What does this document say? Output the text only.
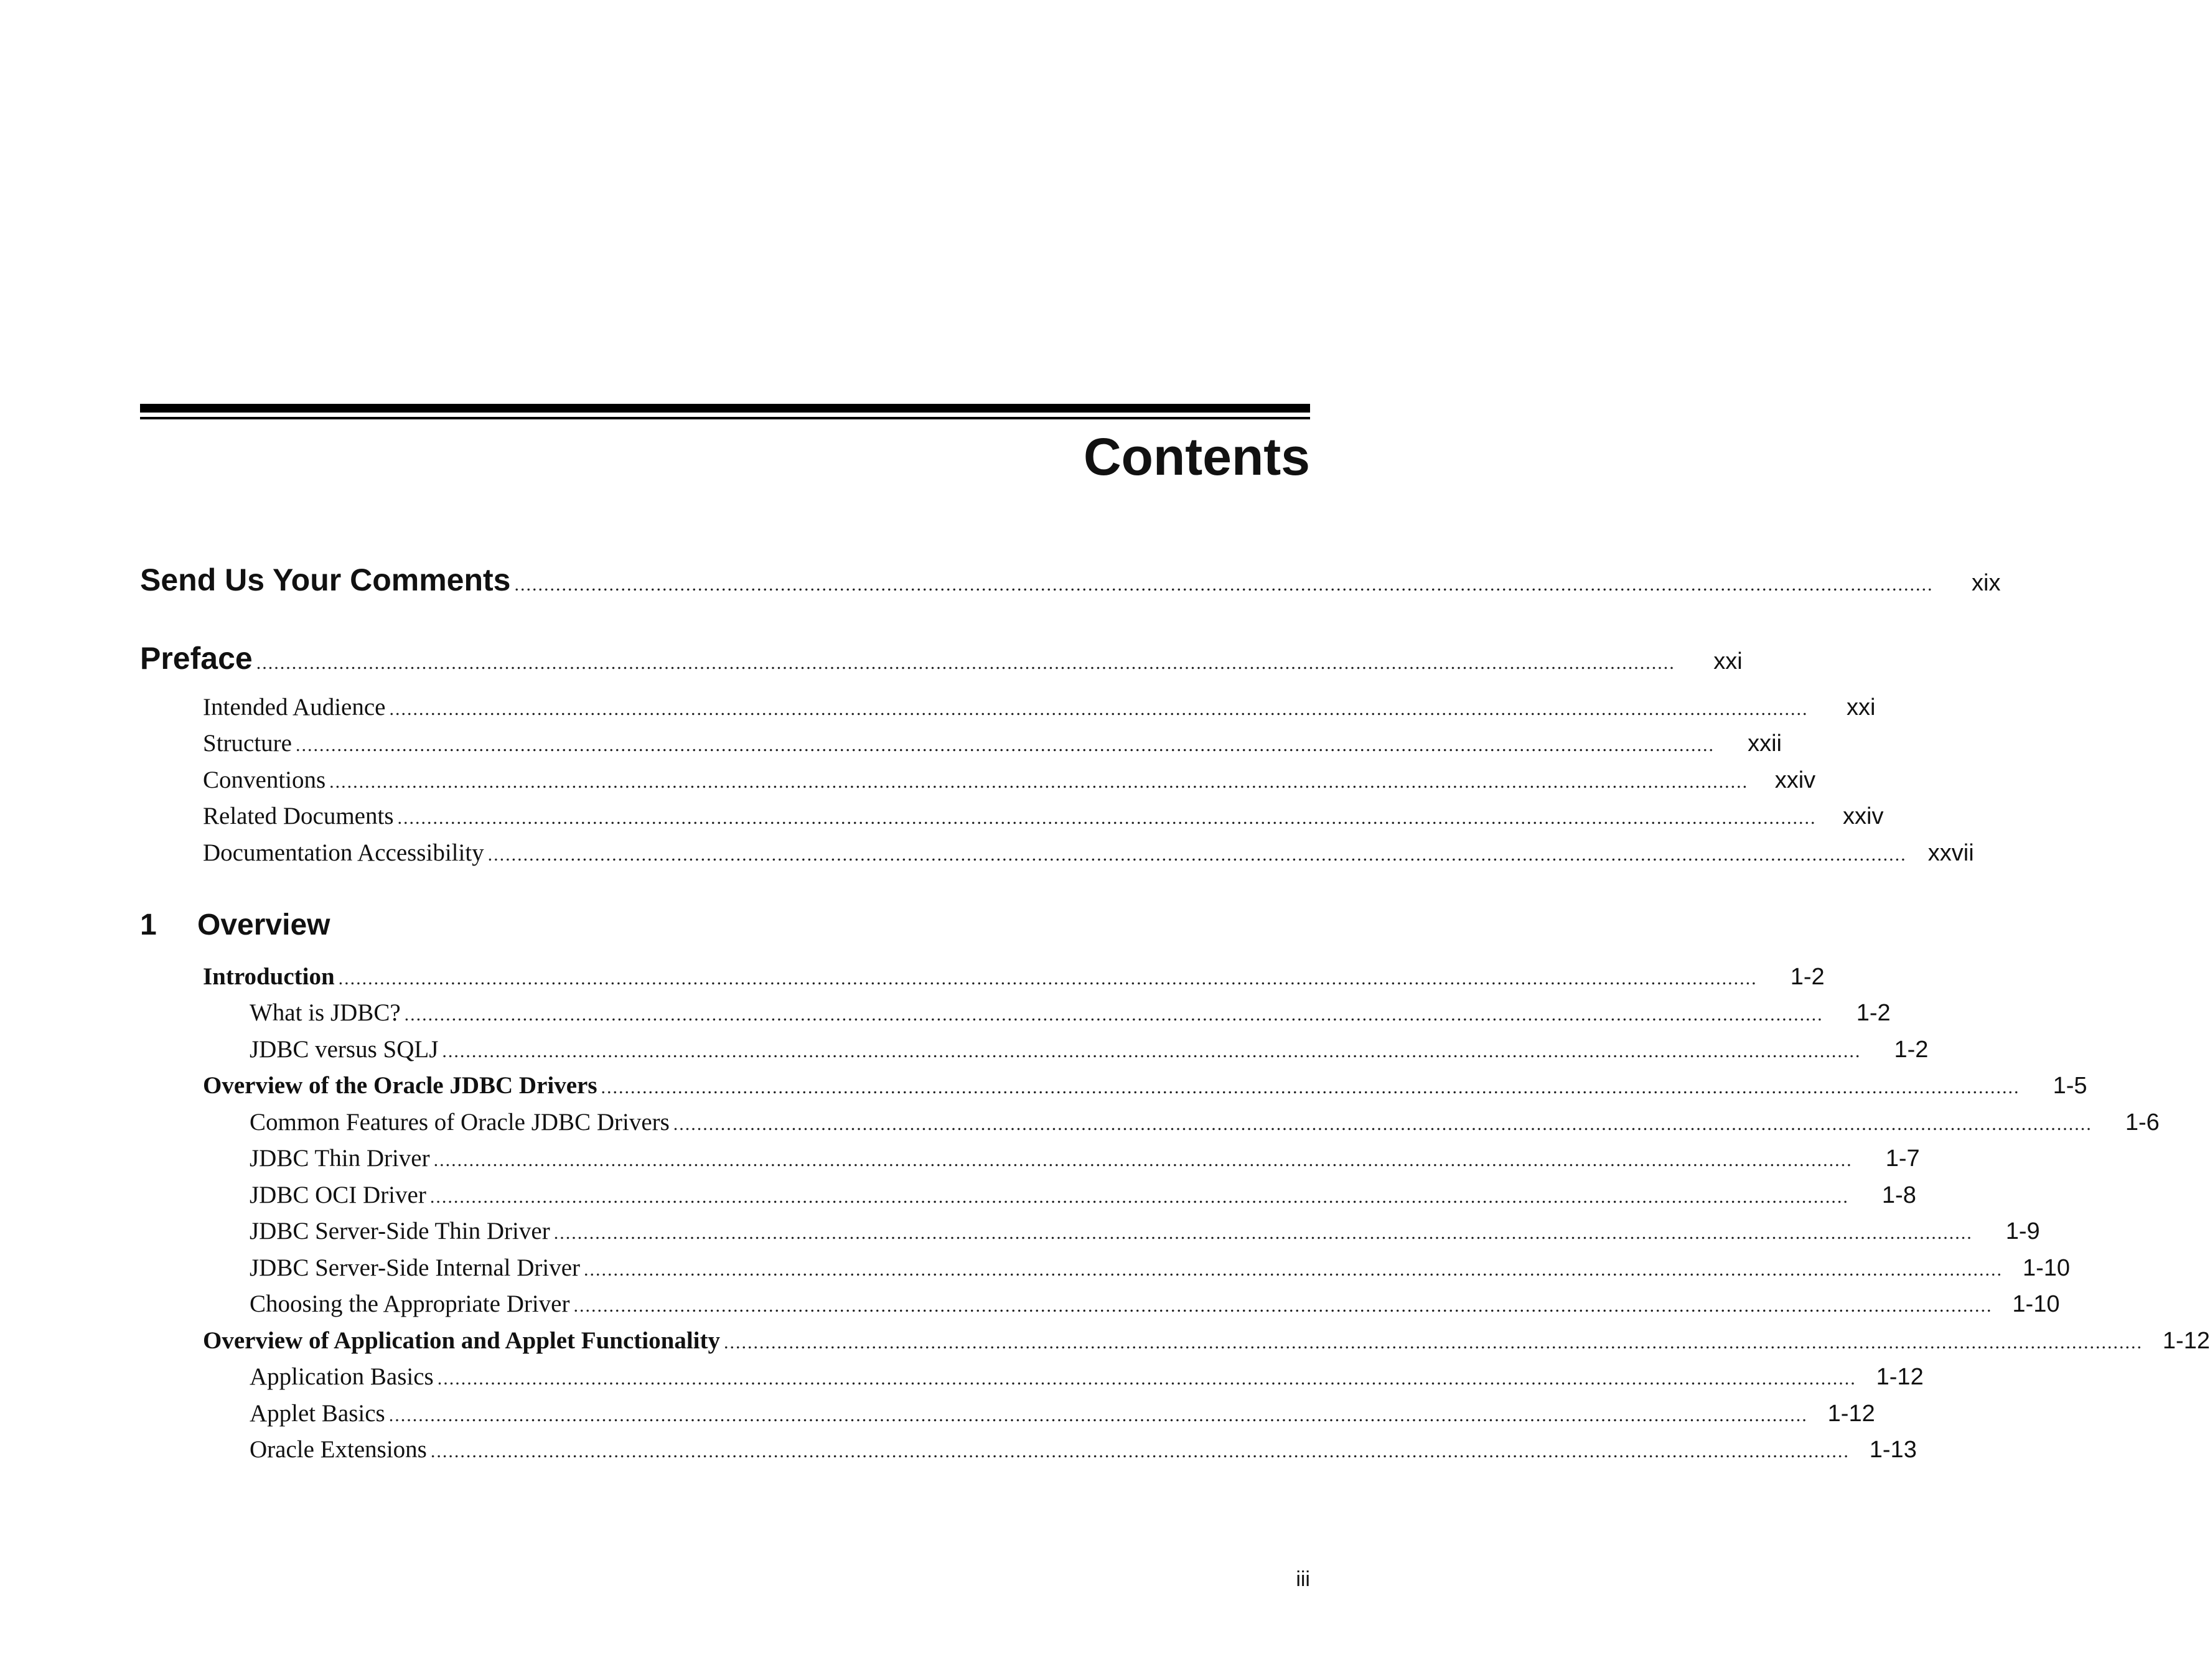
Contents
Send Us Your Comments ................................................................................................................................................................................................................................................	xix
Preface ................................................................................................................................................................................................................................................	xxi
Intended Audience ................................................................................................................................................................................................................................................	xxi
Structure ................................................................................................................................................................................................................................................	xxii
Conventions ................................................................................................................................................................................................................................................	xxiv
Related Documents ................................................................................................................................................................................................................................................	xxiv
Documentation Accessibility ................................................................................................................................................................................................................................................ xxvii
1 Overview
Introduction ................................................................................................................................................................................................................................................	1-2
What is JDBC? ................................................................................................................................................................................................................................................	1-2
JDBC versus SQLJ ................................................................................................................................................................................................................................................	1-2
Overview of the Oracle JDBC Drivers ................................................................................................................................................................................................................................................	1-5
Common Features of Oracle JDBC Drivers ................................................................................................................................................................................................................................................	1-6
JDBC Thin Driver ................................................................................................................................................................................................................................................	1-7
JDBC OCI Driver ................................................................................................................................................................................................................................................	1-8
JDBC Server-Side Thin Driver ................................................................................................................................................................................................................................................	1-9
JDBC Server-Side Internal Driver ................................................................................................................................................................................................................................................ 1-10
Choosing the Appropriate Driver ................................................................................................................................................................................................................................................ 1-10
Overview of Application and Applet Functionality ................................................................................................................................................................................................................................................ 1-12
Application Basics ................................................................................................................................................................................................................................................ 1-12
Applet Basics ................................................................................................................................................................................................................................................ 1-12
Oracle Extensions ................................................................................................................................................................................................................................................ 1-13
iii
